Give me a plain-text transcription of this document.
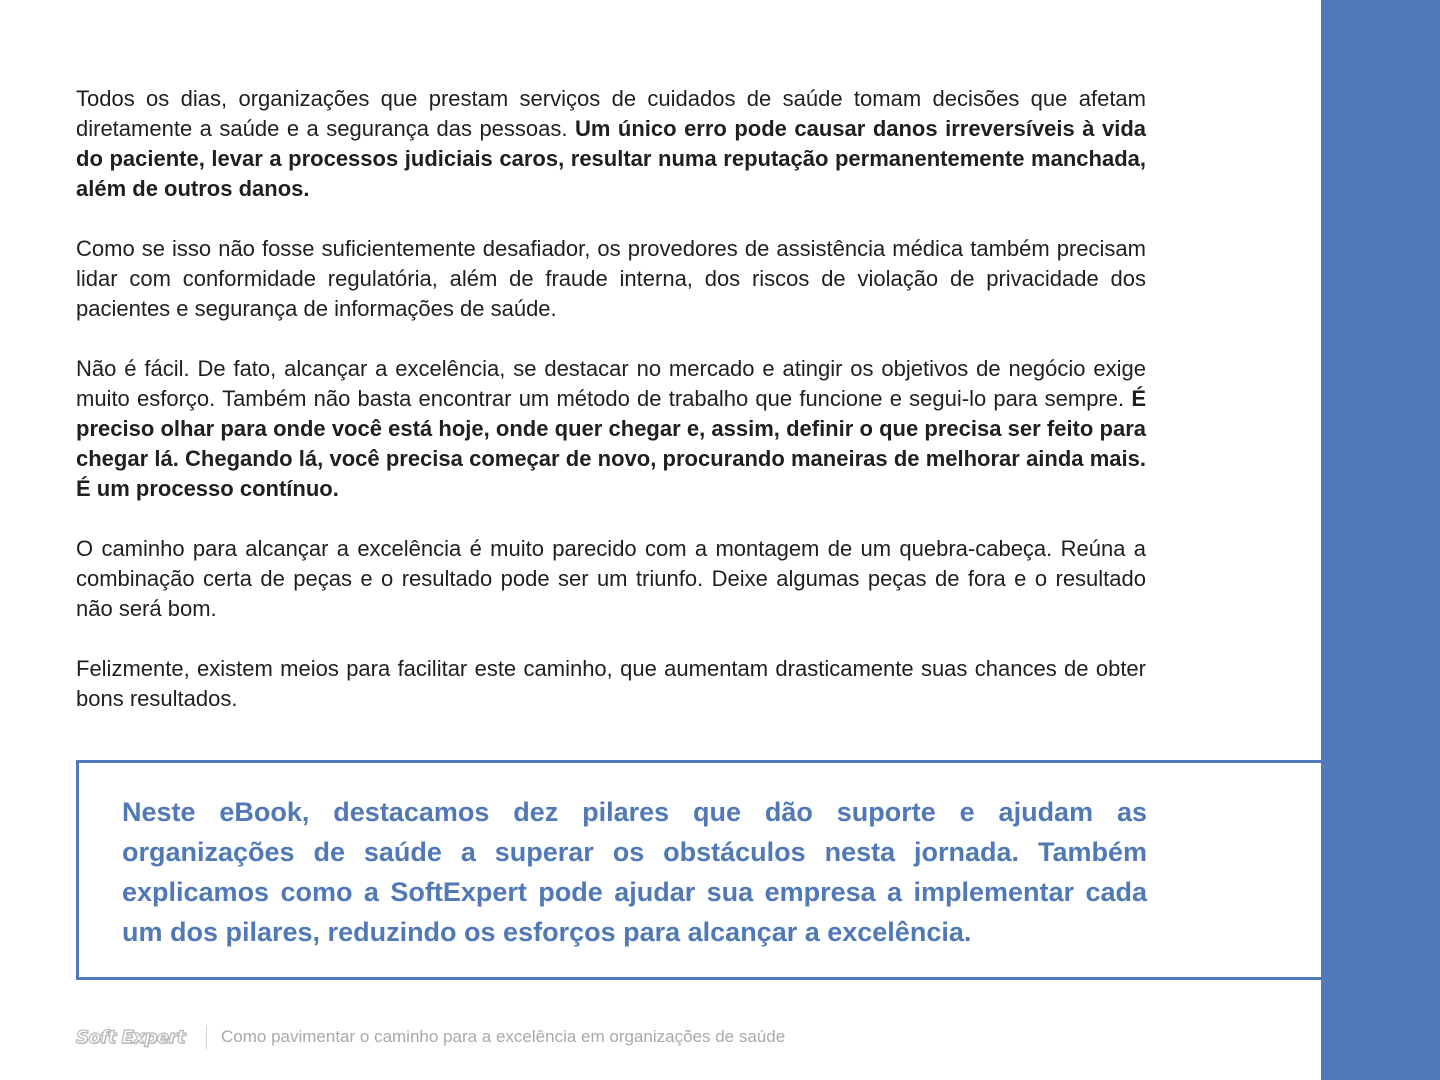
Todos os dias, organizações que prestam serviços de cuidados de saúde tomam decisões que afetam diretamente a saúde e a segurança das pessoas. Um único erro pode causar danos irreversíveis à vida do paciente, levar a processos judiciais caros, resultar numa reputação permanentemente manchada, além de outros danos.

Como se isso não fosse suficientemente desafiador, os provedores de assistência médica também precisam lidar com conformidade regulatória, além de fraude interna, dos riscos de violação de privacidade dos pacientes e segurança de informações de saúde.

Não é fácil. De fato, alcançar a excelência, se destacar no mercado e atingir os objetivos de negócio exige muito esforço. Também não basta encontrar um método de trabalho que funcione e segui-lo para sempre. É preciso olhar para onde você está hoje, onde quer chegar e, assim, definir o que precisa ser feito para chegar lá. Chegando lá, você precisa começar de novo, procurando maneiras de melhorar ainda mais. É um processo contínuo.

O caminho para alcançar a excelência é muito parecido com a montagem de um quebra-cabeça. Reúna a combinação certa de peças e o resultado pode ser um triunfo. Deixe algumas peças de fora e o resultado não será bom.

Felizmente, existem meios para facilitar este caminho, que aumentam drasticamente suas chances de obter bons resultados.

Neste eBook, destacamos dez pilares que dão suporte e ajudam as organizações de saúde a superar os obstáculos nesta jornada. Também explicamos como a SoftExpert pode ajudar sua empresa a implementar cada um dos pilares, reduzindo os esforços para alcançar a excelência.

Soft Expert Como pavimentar o caminho para a excelência em organizações de saúde
